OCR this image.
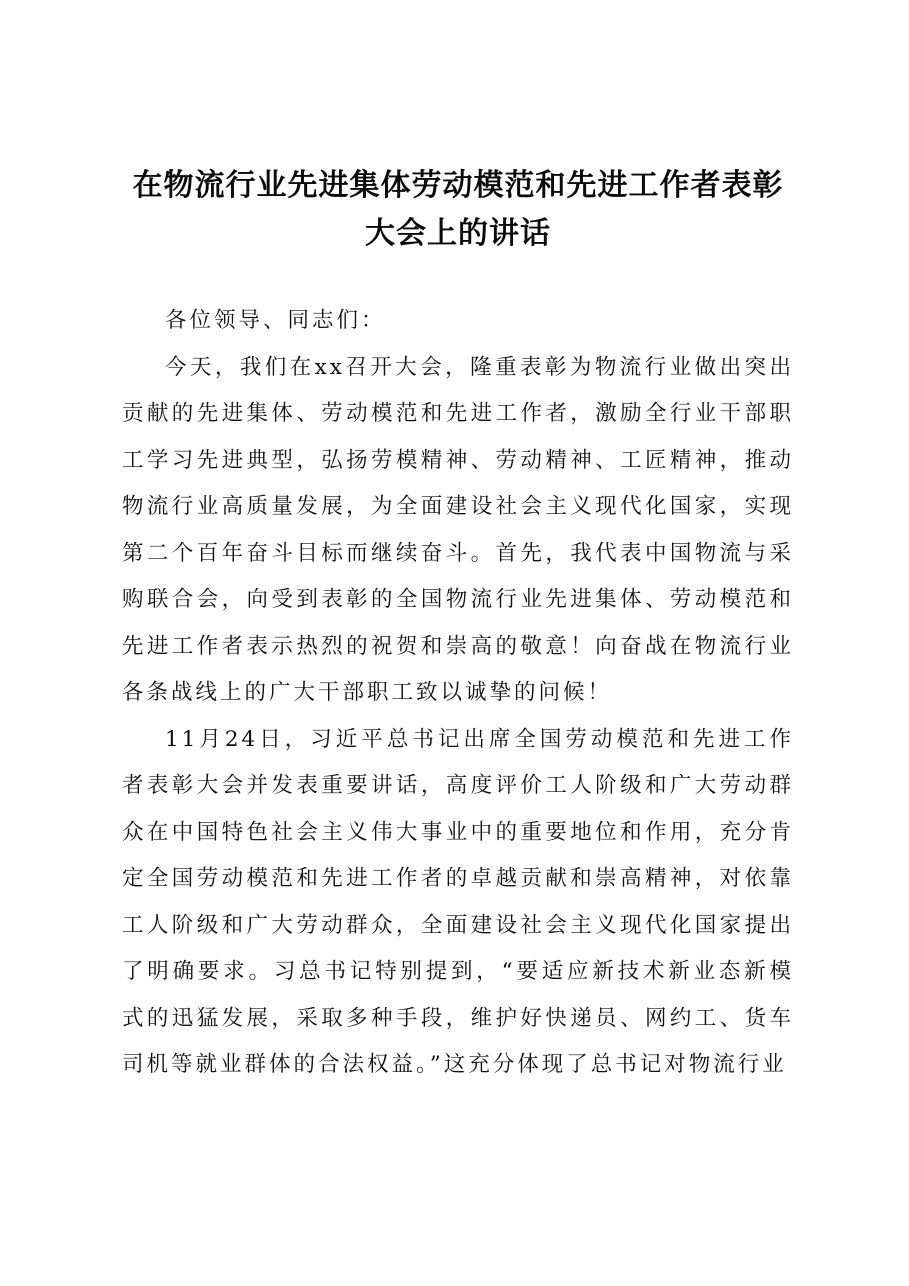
在物流行业先进集体劳动模范和先进工作者表彰大会上的讲话

各位领导、同志们：

今天，我们在xx召开大会，隆重表彰为物流行业做出突出贡献的先进集体、劳动模范和先进工作者，激励全行业干部职工学习先进典型，弘扬劳模精神、劳动精神、工匠精神，推动物流行业高质量发展，为全面建设社会主义现代化国家，实现第二个百年奋斗目标而继续奋斗。首先，我代表中国物流与采购联合会，向受到表彰的全国物流行业先进集体、劳动模范和先进工作者表示热烈的祝贺和崇高的敬意！向奋战在物流行业各条战线上的广大干部职工致以诚挚的问候！

11月24日，习近平总书记出席全国劳动模范和先进工作者表彰大会并发表重要讲话，高度评价工人阶级和广大劳动群众在中国特色社会主义伟大事业中的重要地位和作用，充分肯定全国劳动模范和先进工作者的卓越贡献和崇高精神，对依靠工人阶级和广大劳动群众，全面建设社会主义现代化国家提出了明确要求。习总书记特别提到，“要适应新技术新业态新模式的迅猛发展，采取多种手段，维护好快递员、网约工、货车司机等就业群体的合法权益。”这充分体现了总书记对物流行业
